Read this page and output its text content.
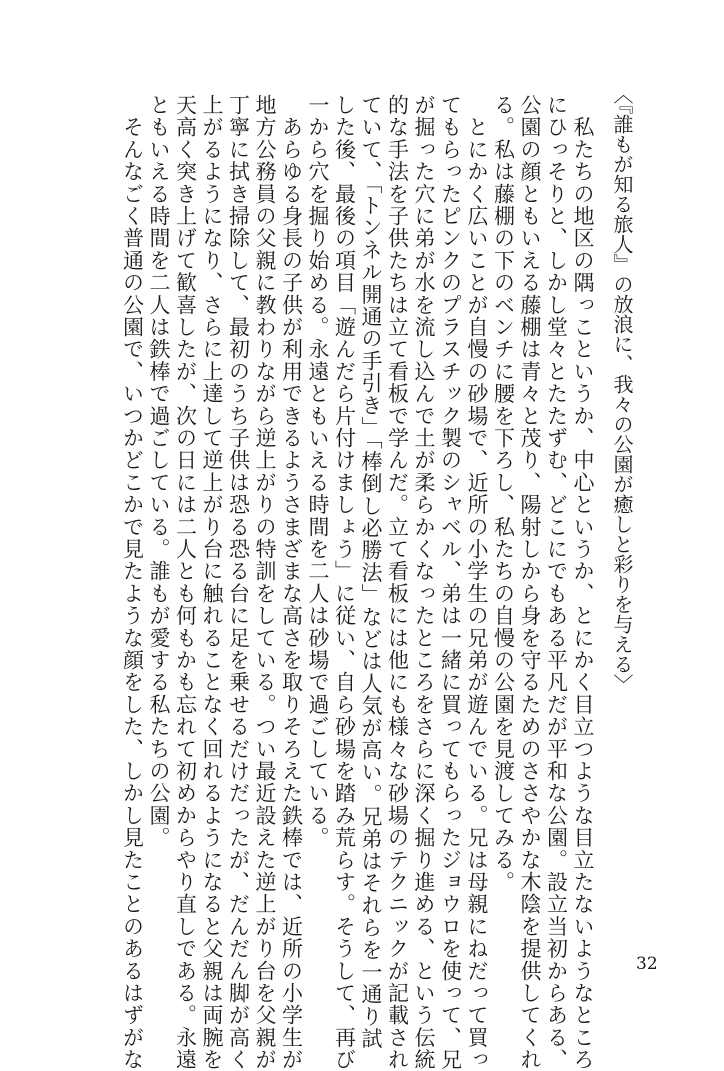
〈『誰もが知る旅人』の放浪に、我々の公園が癒しと彩りを与える〉
　私たちの地区の隅っこというか、中心というか、とにかく目立つような目立たないようなところ
にひっそりと、しかし堂々とたたずむ、どこにでもある平凡だが平和な公園。設立当初からある、
公園の顔ともいえる藤棚は青々と茂り、陽射しから身を守るためのささやかな木陰を提供してくれ
る。私は藤棚の下のベンチに腰を下ろし、私たちの自慢の公園を見渡してみる。
　とにかく広いことが自慢の砂場で、近所の小学生の兄弟が遊んでいる。兄は母親にねだって買っ
てもらったピンクのプラスチック製のシャベル、弟は一緒に買ってもらったジョウロを使って、兄
が掘った穴に弟が水を流し込んで土が柔らかくなったところをさらに深く掘り進める、という伝統
的な手法を子供たちは立て看板で学んだ。立て看板には他にも様々な砂場のテクニックが記載され
ていて、「トンネル開通の手引き」「棒倒し必勝法」などは人気が高い。兄弟はそれらを一通り試
した後、最後の項目「遊んだら片付けましょう」に従い、自ら砂場を踏み荒らす。そうして、再び
一から穴を掘り始める。永遠ともいえる時間を二人は砂場で過ごしている。
　あらゆる身長の子供が利用できるようさまざまな高さを取りそろえた鉄棒では、近所の小学生が
地方公務員の父親に教わりながら逆上がりの特訓をしている。つい最近設えた逆上がり台を父親が
丁寧に拭き掃除して、最初のうち子供は恐る恐る台に足を乗せるだけだったが、だんだん脚が高く
上がるようになり、さらに上達して逆上がり台に触れることなく回れるようになると父親は両腕を
天高く突き上げて歓喜したが、次の日には二人とも何もかも忘れて初めからやり直しである。永遠
ともいえる時間を二人は鉄棒で過ごしている。誰もが愛する私たちの公園。
　そんなごく普通の公園で、いつかどこかで見たような顔をした、しかし見たことのあるはずがな	32
